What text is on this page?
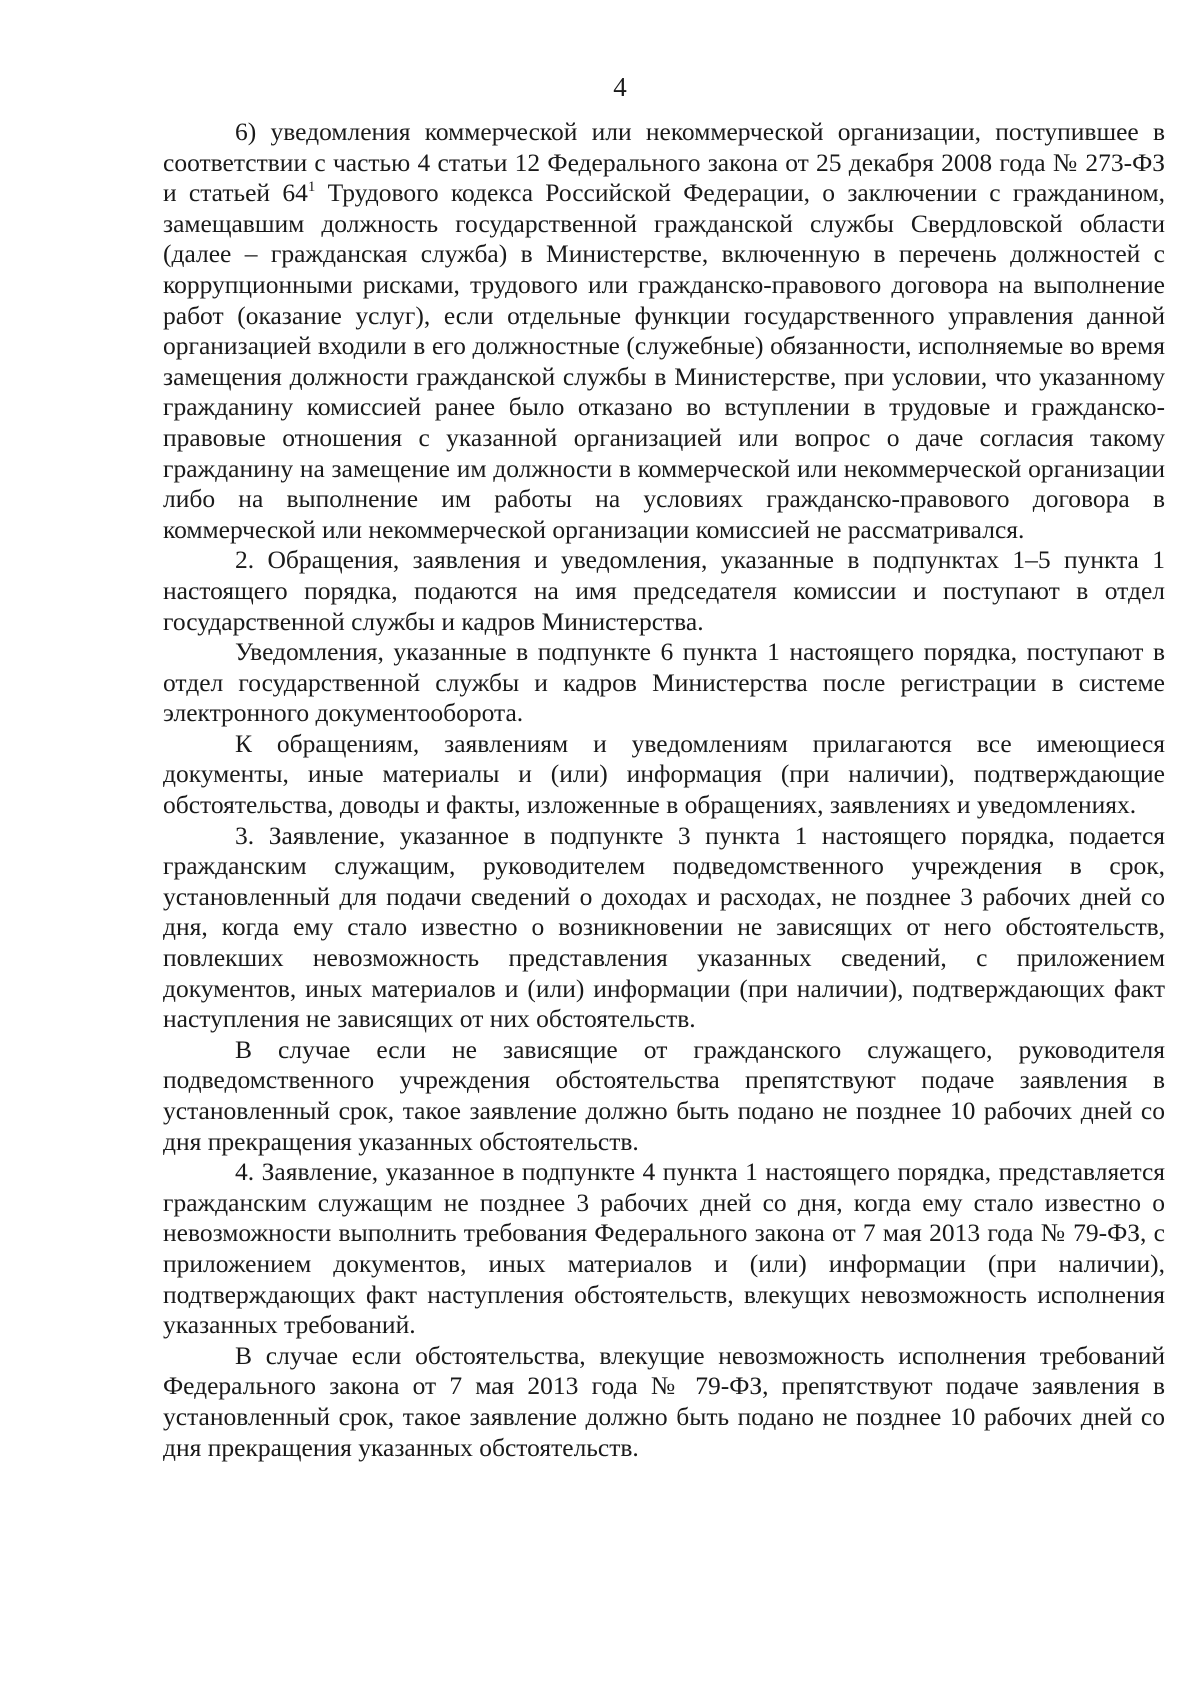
4

6) уведомления коммерческой или некоммерческой организации, поступившее в соответствии с частью 4 статьи 12 Федерального закона от 25 декабря 2008 года № 273-ФЗ и статьей $64^1$ Трудового кодекса Российской Федерации, о заключении с гражданином, замещавшим должность государственной гражданской службы Свердловской области (далее – гражданская служба) в Министерстве, включенную в перечень должностей с коррупционными рисками, трудового или гражданско-правового договора на выполнение работ (оказание услуг), если отдельные функции государственного управления данной организацией входили в его должностные (служебные) обязанности, исполняемые во время замещения должности гражданской службы в Министерстве, при условии, что указанному гражданину комиссией ранее было отказано во вступлении в трудовые и гражданско-правовые отношения с указанной организацией или вопрос о даче согласия такому гражданину на замещение им должности в коммерческой или некоммерческой организации либо на выполнение им работы на условиях гражданско-правового договора в коммерческой или некоммерческой организации комиссией не рассматривался.

2. Обращения, заявления и уведомления, указанные в подпунктах 1–5 пункта 1 настоящего порядка, подаются на имя председателя комиссии и поступают в отдел государственной службы и кадров Министерства.

Уведомления, указанные в подпункте 6 пункта 1 настоящего порядка, поступают в отдел государственной службы и кадров Министерства после регистрации в системе электронного документооборота.

К обращениям, заявлениям и уведомлениям прилагаются все имеющиеся документы, иные материалы и (или) информация (при наличии), подтверждающие обстоятельства, доводы и факты, изложенные в обращениях, заявлениях и уведомлениях.

3. Заявление, указанное в подпункте 3 пункта 1 настоящего порядка, подается гражданским служащим, руководителем подведомственного учреждения в срок, установленный для подачи сведений о доходах и расходах, не позднее 3 рабочих дней со дня, когда ему стало известно о возникновении не зависящих от него обстоятельств, повлекших невозможность представления указанных сведений, с приложением документов, иных материалов и (или) информации (при наличии), подтверждающих факт наступления не зависящих от них обстоятельств.

В случае если не зависящие от гражданского служащего, руководителя подведомственного учреждения обстоятельства препятствуют подаче заявления в установленный срок, такое заявление должно быть подано не позднее 10 рабочих дней со дня прекращения указанных обстоятельств.

4. Заявление, указанное в подпункте 4 пункта 1 настоящего порядка, представляется гражданским служащим не позднее 3 рабочих дней со дня, когда ему стало известно о невозможности выполнить требования Федерального закона от 7 мая 2013 года № 79-ФЗ, с приложением документов, иных материалов и (или) информации (при наличии), подтверждающих факт наступления обстоятельств, влекущих невозможность исполнения указанных требований.

В случае если обстоятельства, влекущие невозможность исполнения требований Федерального закона от 7 мая 2013 года № 79-ФЗ, препятствуют подаче заявления в установленный срок, такое заявление должно быть подано не позднее 10 рабочих дней со дня прекращения указанных обстоятельств.
